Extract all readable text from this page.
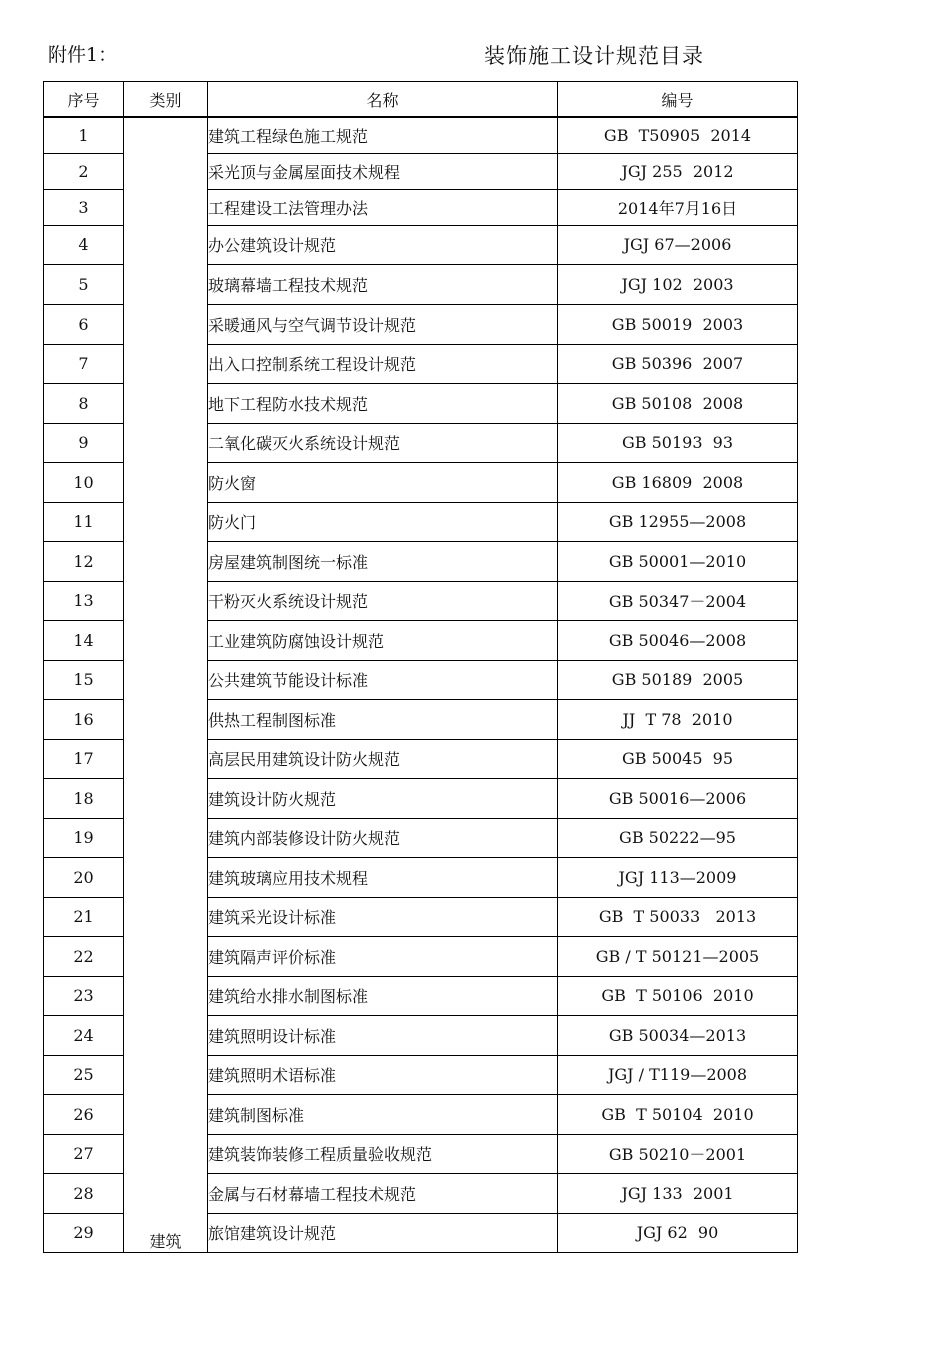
附件1：	装饰施工设计规范目录
序号	类别	名称	编号
1	建筑	建筑工程绿色施工规范	GB  T50905  2014
2		采光顶与金属屋面技术规程	JGJ 255  2012
3		工程建设工法管理办法	2014年7月16日
4		办公建筑设计规范	JGJ 67—2006
5		玻璃幕墙工程技术规范	JGJ 102  2003
6		采暖通风与空气调节设计规范	GB 50019  2003
7		出入口控制系统工程设计规范	GB 50396  2007
8		地下工程防水技术规范	GB 50108  2008
9		二氧化碳灭火系统设计规范	GB 50193  93
10		防火窗	GB 16809  2008
11		防火门	GB 12955—2008
12		房屋建筑制图统一标准	GB 50001—2010
13		干粉灭火系统设计规范	GB 50347－2004
14		工业建筑防腐蚀设计规范	GB 50046—2008
15		公共建筑节能设计标准	GB 50189  2005
16		供热工程制图标准	JJ  T 78  2010
17		高层民用建筑设计防火规范	GB 50045  95
18		建筑设计防火规范	GB 50016—2006
19		建筑内部装修设计防火规范	GB 50222—95
20		建筑玻璃应用技术规程	JGJ 113—2009
21		建筑采光设计标准	GB  T 50033   2013
22		建筑隔声评价标准	GB / T 50121—2005
23		建筑给水排水制图标准	GB  T 50106  2010
24		建筑照明设计标准	GB 50034—2013
25		建筑照明术语标准	JGJ / T119—2008
26		建筑制图标准	GB  T 50104  2010
27		建筑装饰装修工程质量验收规范	GB 50210－2001
28		金属与石材幕墙工程技术规范	JGJ 133  2001
29		旅馆建筑设计规范	JGJ 62  90
